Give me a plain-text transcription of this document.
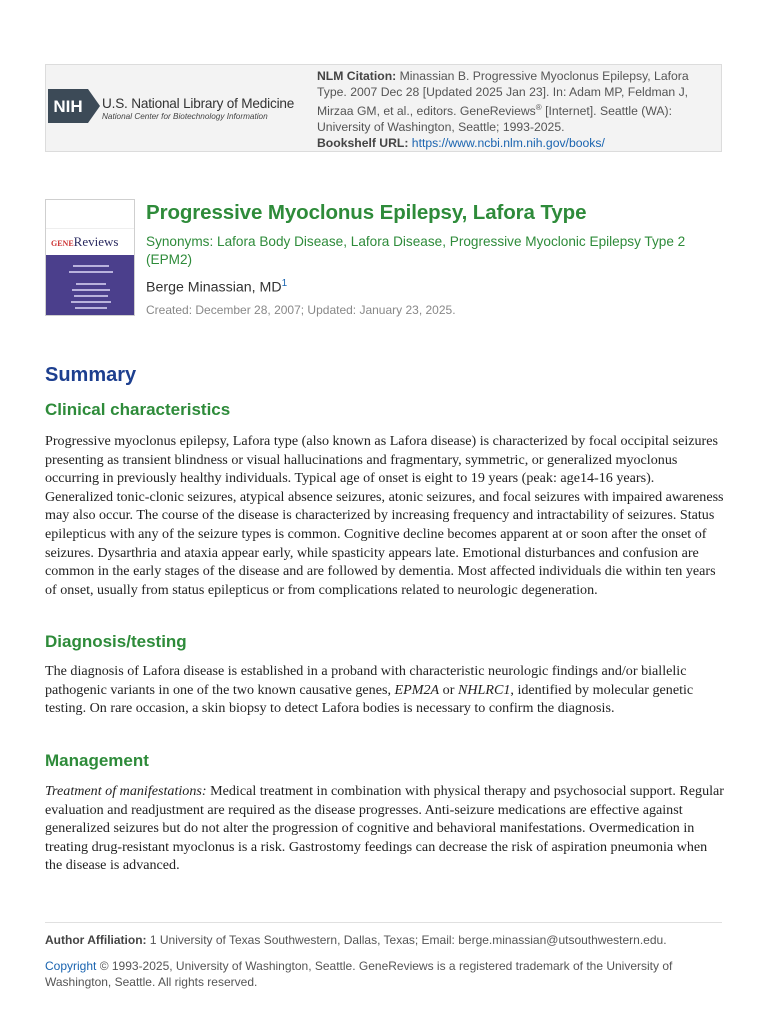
NIH U.S. National Library of Medicine
National Center for Biotechnology Information
NLM Citation: Minassian B. Progressive Myoclonus Epilepsy, Lafora Type. 2007 Dec 28 [Updated 2025 Jan 23]. In: Adam MP, Feldman J, Mirzaa GM, et al., editors. GeneReviews® [Internet]. Seattle (WA): University of Washington, Seattle; 1993-2025.
Bookshelf URL: https://www.ncbi.nlm.nih.gov/books/
GENEReviews
Progressive Myoclonus Epilepsy, Lafora Type
Synonyms: Lafora Body Disease, Lafora Disease, Progressive Myoclonic Epilepsy Type 2 (EPM2)
Berge Minassian, MD$^1$
Created: December 28, 2007; Updated: January 23, 2025.
Summary
Clinical characteristics

Progressive myoclonus epilepsy, Lafora type (also known as Lafora disease) is characterized by focal occipital seizures presenting as transient blindness or visual hallucinations and fragmentary, symmetric, or generalized myoclonus occurring in previously healthy individuals. Typical age of onset is eight to 19 years (peak: age14-16 years). Generalized tonic-clonic seizures, atypical absence seizures, atonic seizures, and focal seizures with impaired awareness may also occur. The course of the disease is characterized by increasing frequency and intractability of seizures. Status epilepticus with any of the seizure types is common. Cognitive decline becomes apparent at or soon after the onset of seizures. Dysarthria and ataxia appear early, while spasticity appears late. Emotional disturbances and confusion are common in the early stages of the disease and are followed by dementia. Most affected individuals die within ten years of onset, usually from status epilepticus or from complications related to neurologic degeneration.

Diagnosis/testing

The diagnosis of Lafora disease is established in a proband with characteristic neurologic findings and/or biallelic pathogenic variants in one of the two known causative genes, EPM2A or NHLRC1, identified by molecular genetic testing. On rare occasion, a skin biopsy to detect Lafora bodies is necessary to confirm the diagnosis.

Management

Treatment of manifestations: Medical treatment in combination with physical therapy and psychosocial support. Regular evaluation and readjustment are required as the disease progresses. Anti-seizure medications are effective against generalized seizures but do not alter the progression of cognitive and behavioral manifestations. Overmedication in treating drug-resistant myoclonus is a risk. Gastrostomy feedings can decrease the risk of aspiration pneumonia when the disease is advanced.

Author Affiliation: 1 University of Texas Southwestern, Dallas, Texas; Email: berge.minassian@utsouthwestern.edu.
Copyright © 1993-2025, University of Washington, Seattle. GeneReviews is a registered trademark of the University of Washington, Seattle. All rights reserved.
